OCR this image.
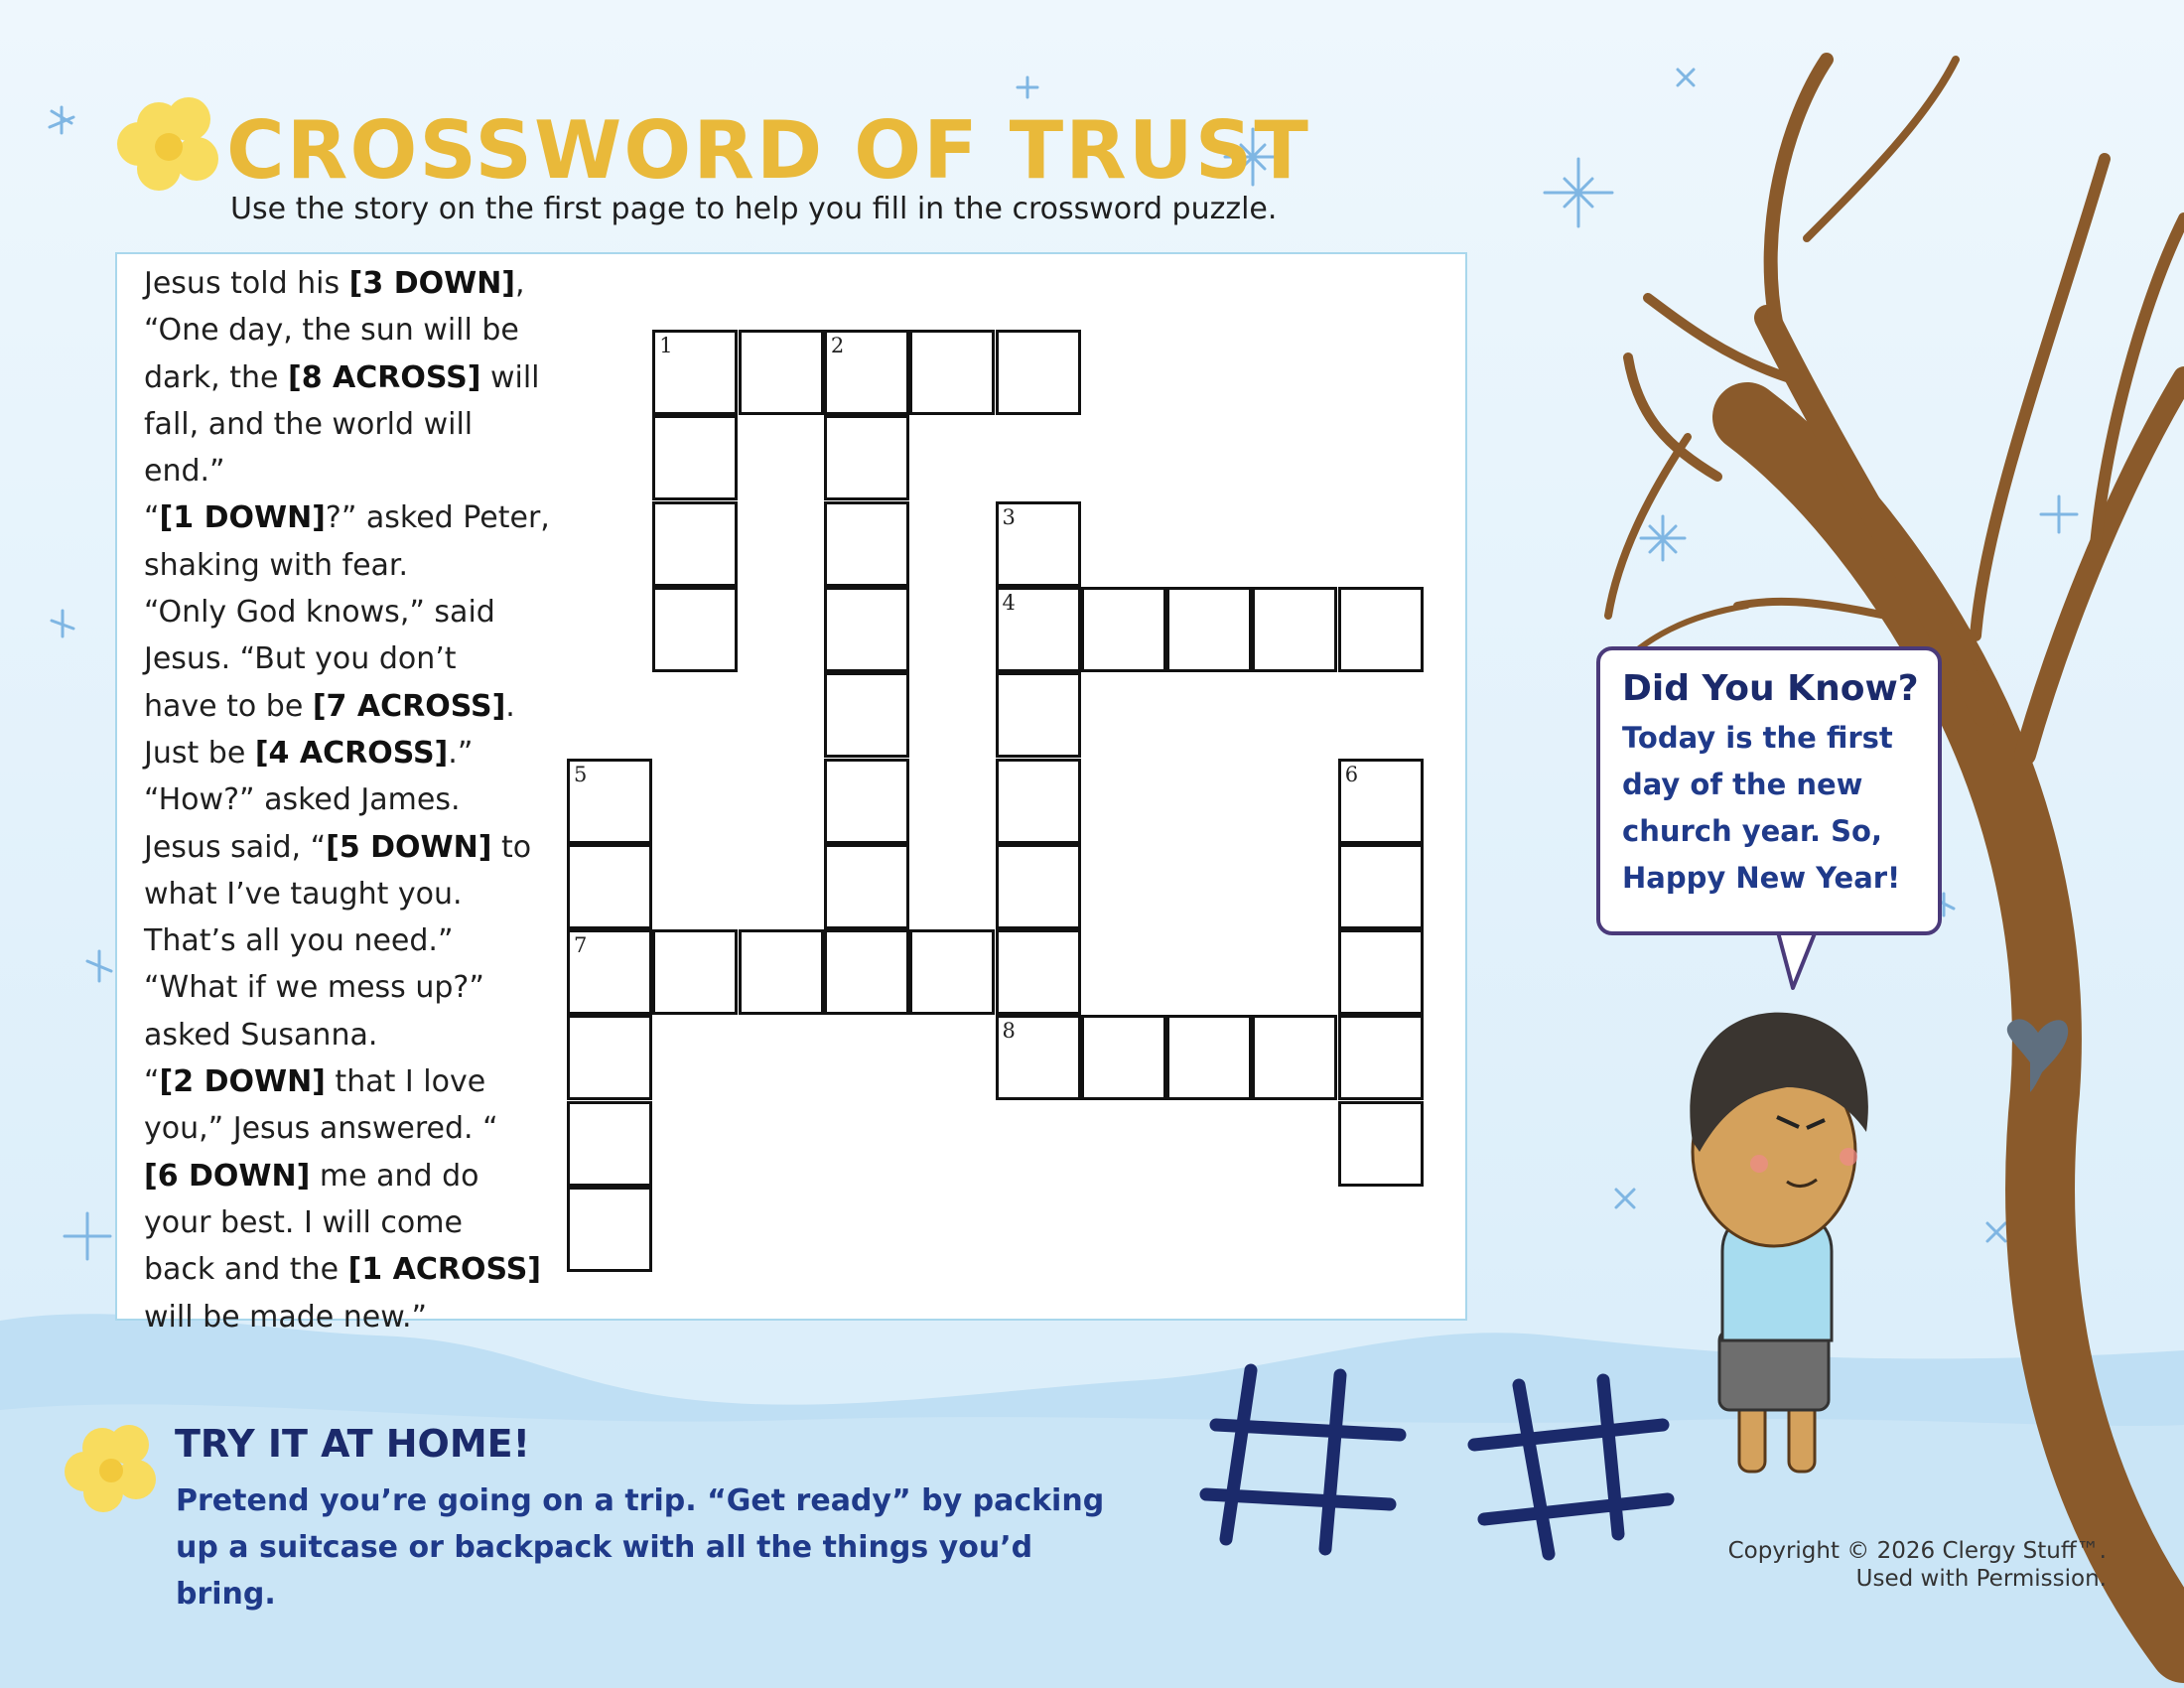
CROSSWORD OF TRUST

Use the story on the first page to help you fill in the crossword puzzle.

Jesus told his [3 DOWN],
“One day, the sun will be
dark, the [8 ACROSS] will
fall, and the world will end.”
“[1 DOWN]?” asked Peter,
shaking with fear.
“Only God knows,” said
Jesus. “But you don’t
have to be [7 ACROSS].
Just be [4 ACROSS].”
“How?” asked James.
Jesus said, “[5 DOWN] to
what I’ve taught you.
That’s all you need.”
“What if we mess up?”
asked Susanna.
“[2 DOWN] that I love
you,” Jesus answered. “
[6 DOWN] me and do
your best. I will come
back and the [1 ACROSS]
will be made new.”
1	2
3
4
5	6
7
8
Did You Know?

Today is the first day of the new church year. So, Happy New Year!

TRY IT AT HOME!

Pretend you’re going on a trip. “Get ready” by packing up a suitcase or backpack with all the things you’d bring.

Copyright © 2026 Clergy Stuff™.
Used with Permission.
